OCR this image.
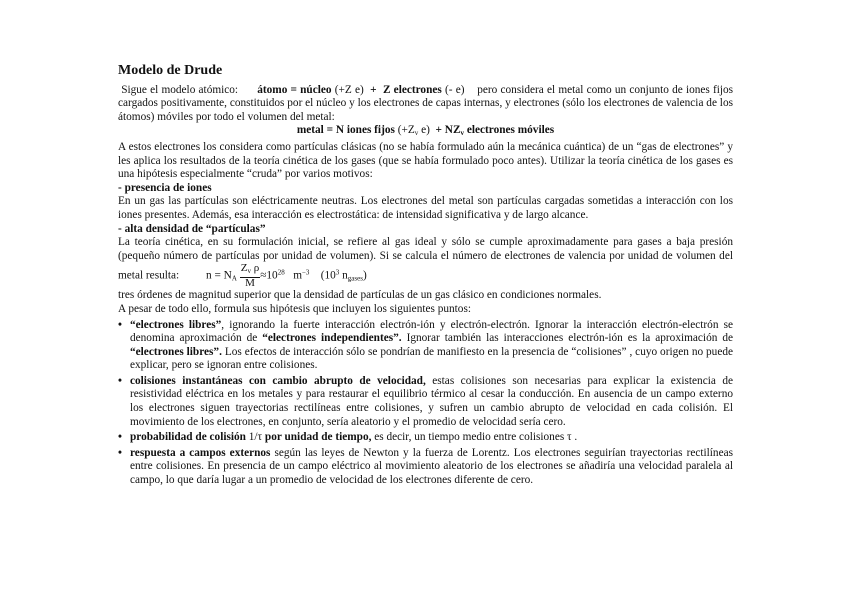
Modelo de Drude

Sigue el modelo atómico: átomo = núcleo (+Z e) + Z electrones (- e) pero considera el metal como un conjunto de iones fijos cargados positivamente, constituidos por el núcleo y los electrones de capas internas, y electrones (sólo los electrones de valencia de los átomos) móviles por todo el volumen del metal:

metal = N iones fijos ($+Z_v$ $e) + NZ_v$ electrones móviles

A estos electrones los considera como partículas clásicas (no se había formulado aún la mecánica cuántica) de un “gas de electrones” y les aplica los resultados de la teoría cinética de los gases (que se había formulado poco antes). Utilizar la teoría cinética de los gases es una hipótesis especialmente “cruda” por varios motivos:

- presencia de iones

En un gas las partículas son eléctricamente neutras. Los electrones del metal son partículas cargadas sometidas a interacción con los iones presentes. Además, esa interacción es electrostática: de intensidad significativa y de largo alcance.

- alta densidad de “partículas”

La teoría cinética, en su formulación inicial, se refiere al gas ideal y sólo se cumple aproximadamente para gases a baja presión (pequeño número de partículas por unidad de volumen). Si se calcula el número de electrones de valencia por unidad de volumen del metal resulta: $n = N_A \frac{Z_v \rho}{M} \approx 10^{28}$ $m^{-3}$ ($10^3$ $n_{gases}$)

tres órdenes de magnitud superior que la densidad de partículas de un gas clásico en condiciones normales.

A pesar de todo ello, formula sus hipótesis que incluyen los siguientes puntos:

• “electrones libres”, ignorando la fuerte interacción electrón-ión y electrón-electrón. Ignorar la interacción electrón-electrón se denomina aproximación de “electrones independientes”. Ignorar también las interacciones electrón-ión es la aproximación de “electrones libres”. Los efectos de interacción sólo se pondrían de manifiesto en la presencia de “colisiones” , cuyo origen no puede explicar, pero se ignoran entre colisiones.
• colisiones instantáneas con cambio abrupto de velocidad, estas colisiones son necesarias para explicar la existencia de resistividad eléctrica en los metales y para restaurar el equilibrio térmico al cesar la conducción. En ausencia de un campo externo los electrones siguen trayectorias rectilíneas entre colisiones, y sufren un cambio abrupto de velocidad en cada colisión. El movimiento de los electrones, en conjunto, sería aleatorio y el promedio de velocidad sería cero.
• probabilidad de colisión 1/τ por unidad de tiempo, es decir, un tiempo medio entre colisiones τ .
• respuesta a campos externos según las leyes de Newton y la fuerza de Lorentz. Los electrones seguirían trayectorias rectilíneas entre colisiones. En presencia de un campo eléctrico al movimiento aleatorio de los electrones se añadiría una velocidad paralela al campo, lo que daría lugar a un promedio de velocidad de los electrones diferente de cero.
